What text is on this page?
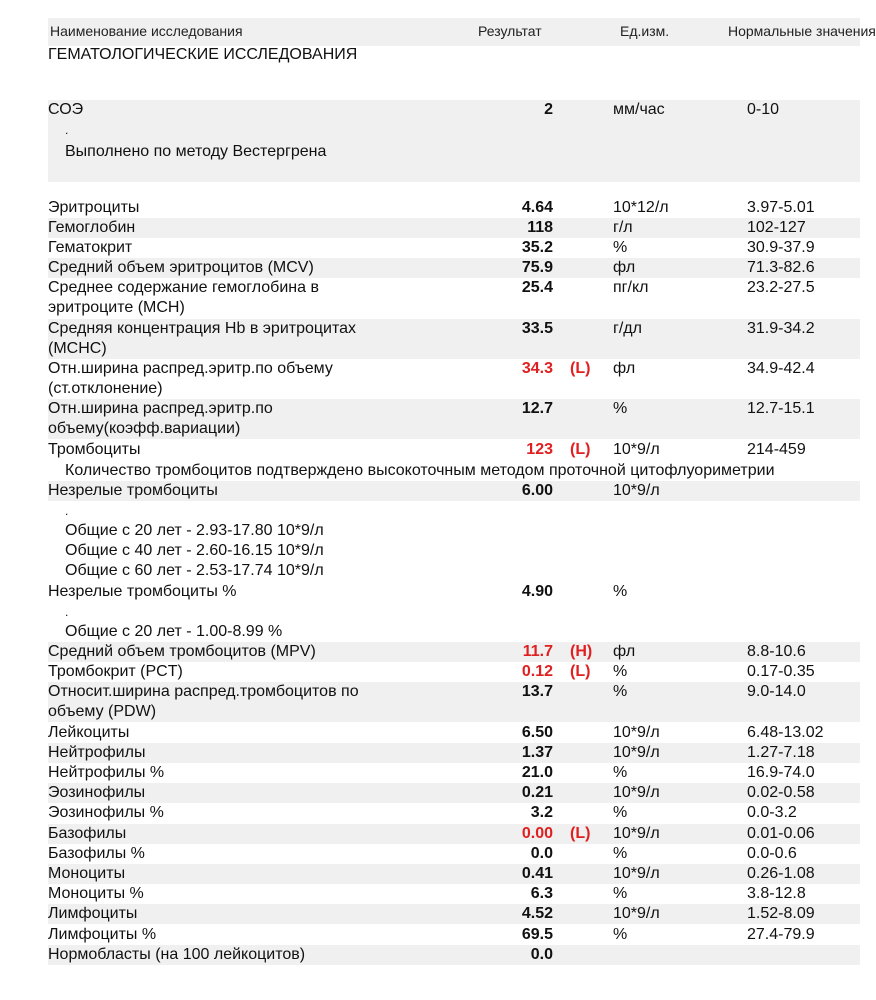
Наименование исследования	Результат	Ед.изм.	Нормальные значения
ГЕМАТОЛОГИЧЕСКИЕ ИССЛЕДОВАНИЯ
СОЭ	2	мм/час	0-10
.
Выполнено по методу Вестергрена
Эритроциты	4.64	10*12/л	3.97-5.01
Гемоглобин	118	г/л	102-127
Гематокрит	35.2	%	30.9-37.9
Средний объем эритроцитов (MCV)	75.9	фл	71.3-82.6
Среднее содержание гемоглобина в эритроците (MCH)
25.4	пг/кл	23.2-27.5
Средняя концентрация Hb в эритроцитах (MCHC)
33.5	г/дл	31.9-34.2
Отн.ширина распред.эритр.по объему (ст.отклонение)
34.3 (L) фл	34.9-42.4
Отн.ширина распред.эритр.по объему(коэфф.вариации)
12.7	%	12.7-15.1
Тромбоциты	123 (L) 10*9/л	214-459
Незрелые тромбоциты	6.00	10*9/л
Незрелые тромбоциты %	4.90	%
Средний объем тромбоцитов (MPV)	11.7 (H) фл	8.8-10.6
Тромбокрит (PCT)	0.12 (L) %	0.17-0.35
Относит.ширина распред.тромбоцитов по объему (PDW)
13.7	%	9.0-14.0
Лейкоциты	6.50	10*9/л	6.48-13.02
Нейтрофилы	1.37	10*9/л	1.27-7.18
Нейтрофилы %	21.0	%	16.9-74.0
Эозинофилы	0.21	10*9/л	0.02-0.58
Эозинофилы %	3.2	%	0.0-3.2
Базофилы	0.00 (L) 10*9/л	0.01-0.06
Базофилы %	0.0	%	0.0-0.6
Моноциты	0.41	10*9/л	0.26-1.08
Моноциты %	6.3	%	3.8-12.8
Лимфоциты	4.52	10*9/л	1.52-8.09
Лимфоциты %	69.5	%	27.4-79.9
Нормобласты (на 100 лейкоцитов)	0.0
Количество тромбоцитов подтверждено высокоточным методом проточной цитофлуориметрии
.
Общие с 20 лет - 2.93-17.80 10*9/л
Общие с 40 лет - 2.60-16.15 10*9/л
Общие с 60 лет - 2.53-17.74 10*9/л
.
Общие с 20 лет - 1.00-8.99 %
